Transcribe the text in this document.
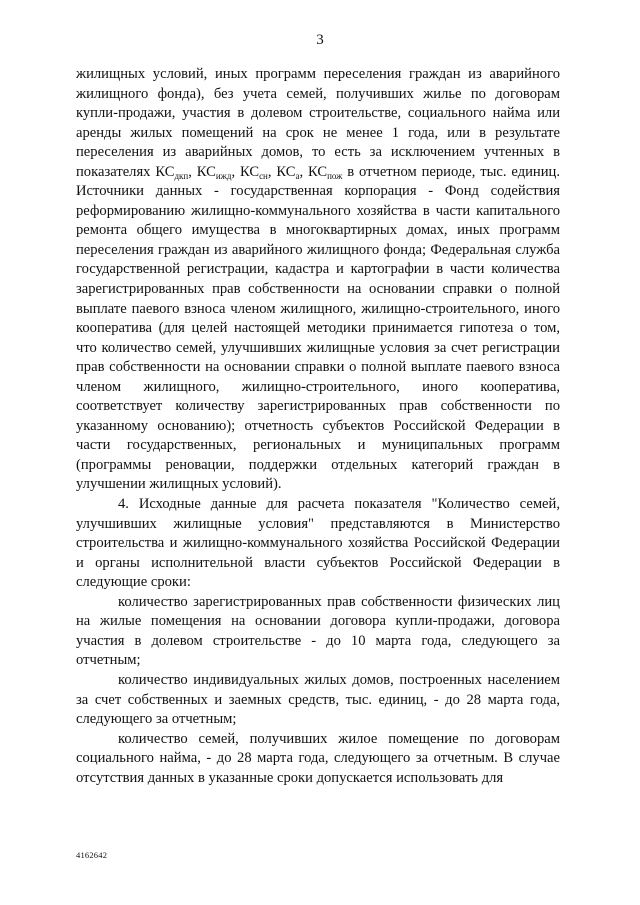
3

жилищных условий, иных программ переселения граждан из аварийного жилищного фонда), без учета семей, получивших жилье по договорам купли-продажи, участия в долевом строительстве, социального найма или аренды жилых помещений на срок не менее 1 года, или в результате переселения из аварийных домов, то есть за исключением учтенных в показателях $КС_{дкп}$, $КС_{ижд}$, $КС_{сн}$, $КС_а$, $КС_{пож}$ в отчетном периоде, тыс. единиц. Источники данных - государственная корпорация - Фонд содействия реформированию жилищно-коммунального хозяйства в части капитального ремонта общего имущества в многоквартирных домах, иных программ переселения граждан из аварийного жилищного фонда; Федеральная служба государственной регистрации, кадастра и картографии в части количества зарегистрированных прав собственности на основании справки о полной выплате паевого взноса членом жилищного, жилищно-строительного, иного кооператива (для целей настоящей методики принимается гипотеза о том, что количество семей, улучшивших жилищные условия за счет регистрации прав собственности на основании справки о полной выплате паевого взноса членом жилищного, жилищно-строительного, иного кооператива, соответствует количеству зарегистрированных прав собственности по указанному основанию); отчетность субъектов Российской Федерации в части государственных, региональных и муниципальных программ (программы реновации, поддержки отдельных категорий граждан в улучшении жилищных условий).

4. Исходные данные для расчета показателя "Количество семей, улучшивших жилищные условия" представляются в Министерство строительства и жилищно-коммунального хозяйства Российской Федерации и органы исполнительной власти субъектов Российской Федерации в следующие сроки:

количество зарегистрированных прав собственности физических лиц на жилые помещения на основании договора купли-продажи, договора участия в долевом строительстве - до 10 марта года, следующего за отчетным;

количество индивидуальных жилых домов, построенных населением за счет собственных и заемных средств, тыс. единиц, - до 28 марта года, следующего за отчетным;

количество семей, получивших жилое помещение по договорам социального найма, - до 28 марта года, следующего за отчетным. В случае отсутствия данных в указанные сроки допускается использовать для

4162642
